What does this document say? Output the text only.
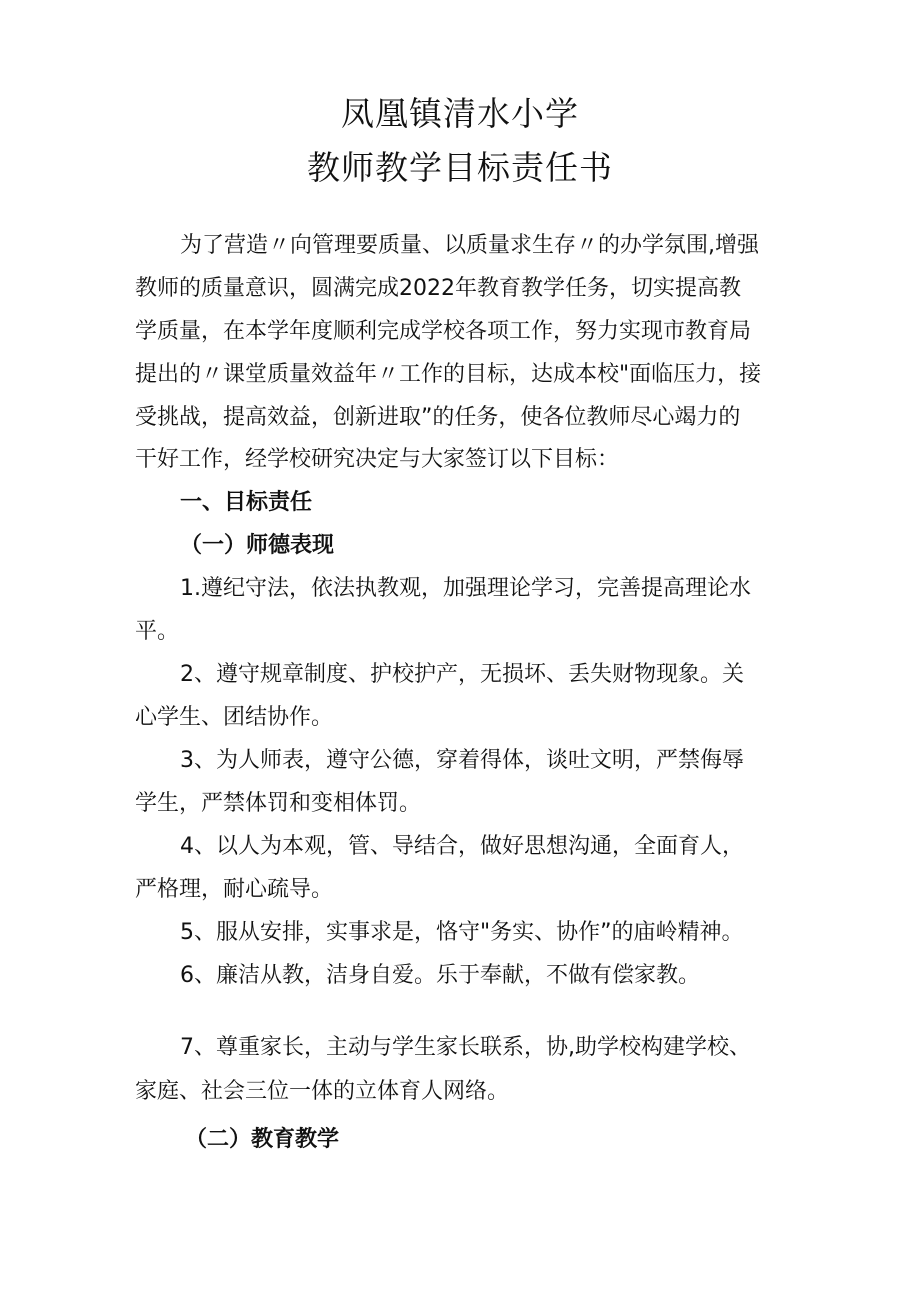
凤凰镇清水小学
教师教学目标责任书
为了营造〃向管理要质量、以质量求生存〃的办学氛围,增强
教师的质量意识，圆满完成2022年教育教学任务，切实提高教
学质量，在本学年度顺利完成学校各项工作，努力实现市教育局
提出的〃课堂质量效益年〃工作的目标，达成本校"面临压力，接
受挑战，提高效益，创新进取”的任务，使各位教师尽心竭力的
干好工作，经学校研究决定与大家签订以下目标：
一、目标责任
（一）师德表现
1.遵纪守法，依法执教观，加强理论学习，完善提高理论水
平。
2、遵守规章制度、护校护产，无损坏、丢失财物现象。关
心学生、团结协作。
3、为人师表，遵守公德，穿着得体，谈吐文明，严禁侮辱
学生，严禁体罚和变相体罚。
4、以人为本观，管、导结合，做好思想沟通，全面育人，
严格理，耐心疏导。
5、服从安排，实事求是，恪守"务实、协作”的庙岭精神。
6、廉洁从教，洁身自爱。乐于奉献，不做有偿家教。
7、尊重家长，主动与学生家长联系，协,助学校构建学校、
家庭、社会三位一体的立体育人网络。
（二）教育教学
